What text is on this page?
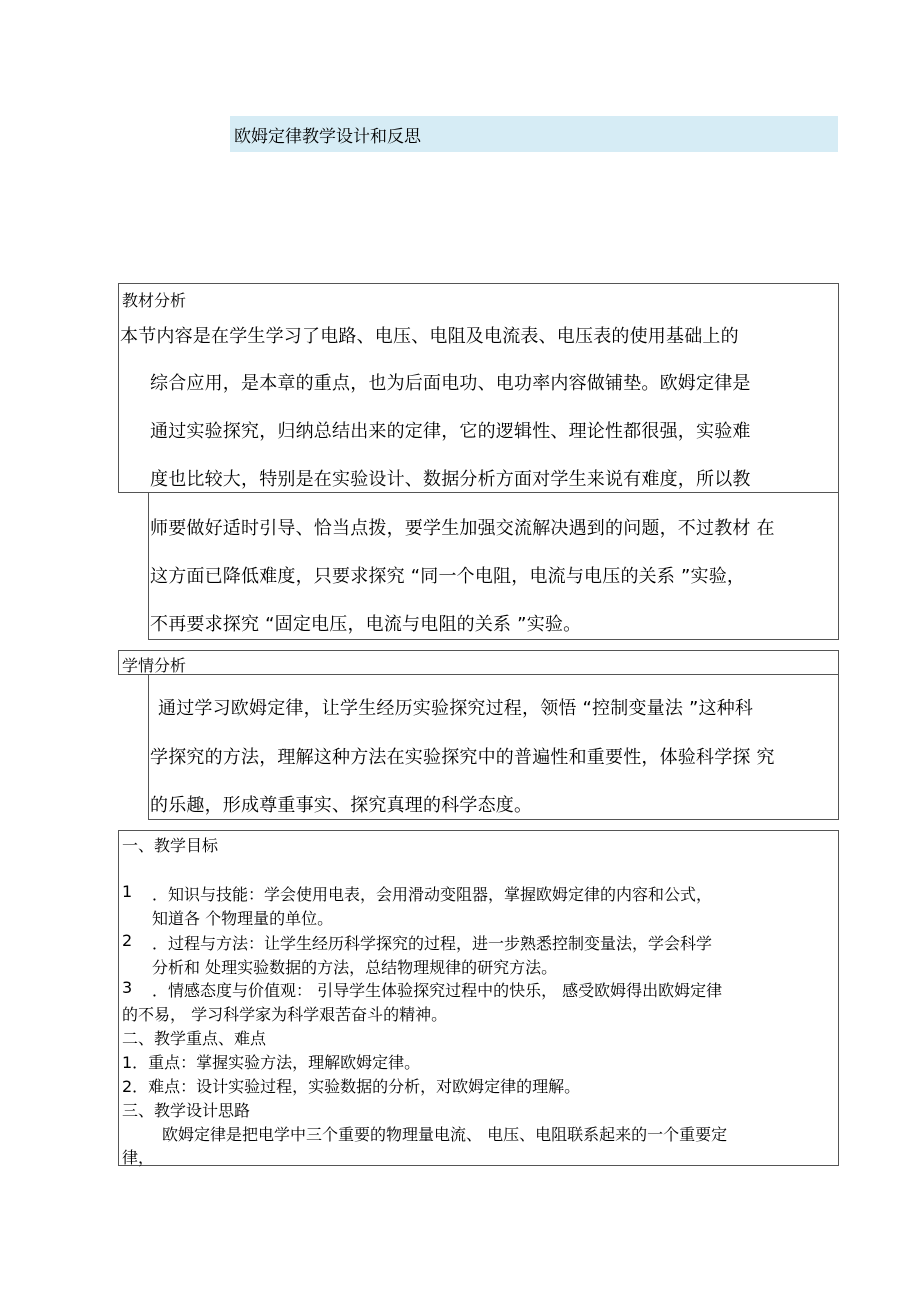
欧姆定律教学设计和反思
教材分析
本节内容是在学生学习了电路、电压、电阻及电流表、电压表的使用基础上的
综合应用，是本章的重点，也为后面电功、电功率内容做铺垫。欧姆定律是
通过实验探究，归纳总结出来的定律，它的逻辑性、理论性都很强，实验难
度也比较大，特别是在实验设计、数据分析方面对学生来说有难度，所以教
师要做好适时引导、恰当点拨，要学生加强交流解决遇到的问题，不过教材 在
这方面已降低难度，只要求探究 “同一个电阻，电流与电压的关系 ”实验，
不再要求探究 “固定电压，电流与电阻的关系 ”实验。
学情分析
通过学习欧姆定律，让学生经历实验探究过程，领悟 “控制变量法 ”这种科
学探究的方法，理解这种方法在实验探究中的普遍性和重要性，体验科学探 究
的乐趣，形成尊重事实、探究真理的科学态度。
一、教学目标
1 ．知识与技能：学会使用电表，会用滑动变阻器，掌握欧姆定律的内容和公式，
知道各 个物理量的单位。
2 ．过程与方法：让学生经历科学探究的过程，进一步熟悉控制变量法，学会科学
分析和 处理实验数据的方法，总结物理规律的研究方法。
3 ．情感态度与价值观： 引导学生体验探究过程中的快乐， 感受欧姆得出欧姆定律
的不易， 学习科学家为科学艰苦奋斗的精神。
二、教学重点、难点
1．重点：掌握实验方法，理解欧姆定律。
2．难点：设计实验过程，实验数据的分析，对欧姆定律的理解。
三、教学设计思路
欧姆定律是把电学中三个重要的物理量电流、 电压、电阻联系起来的一个重要定
律，
